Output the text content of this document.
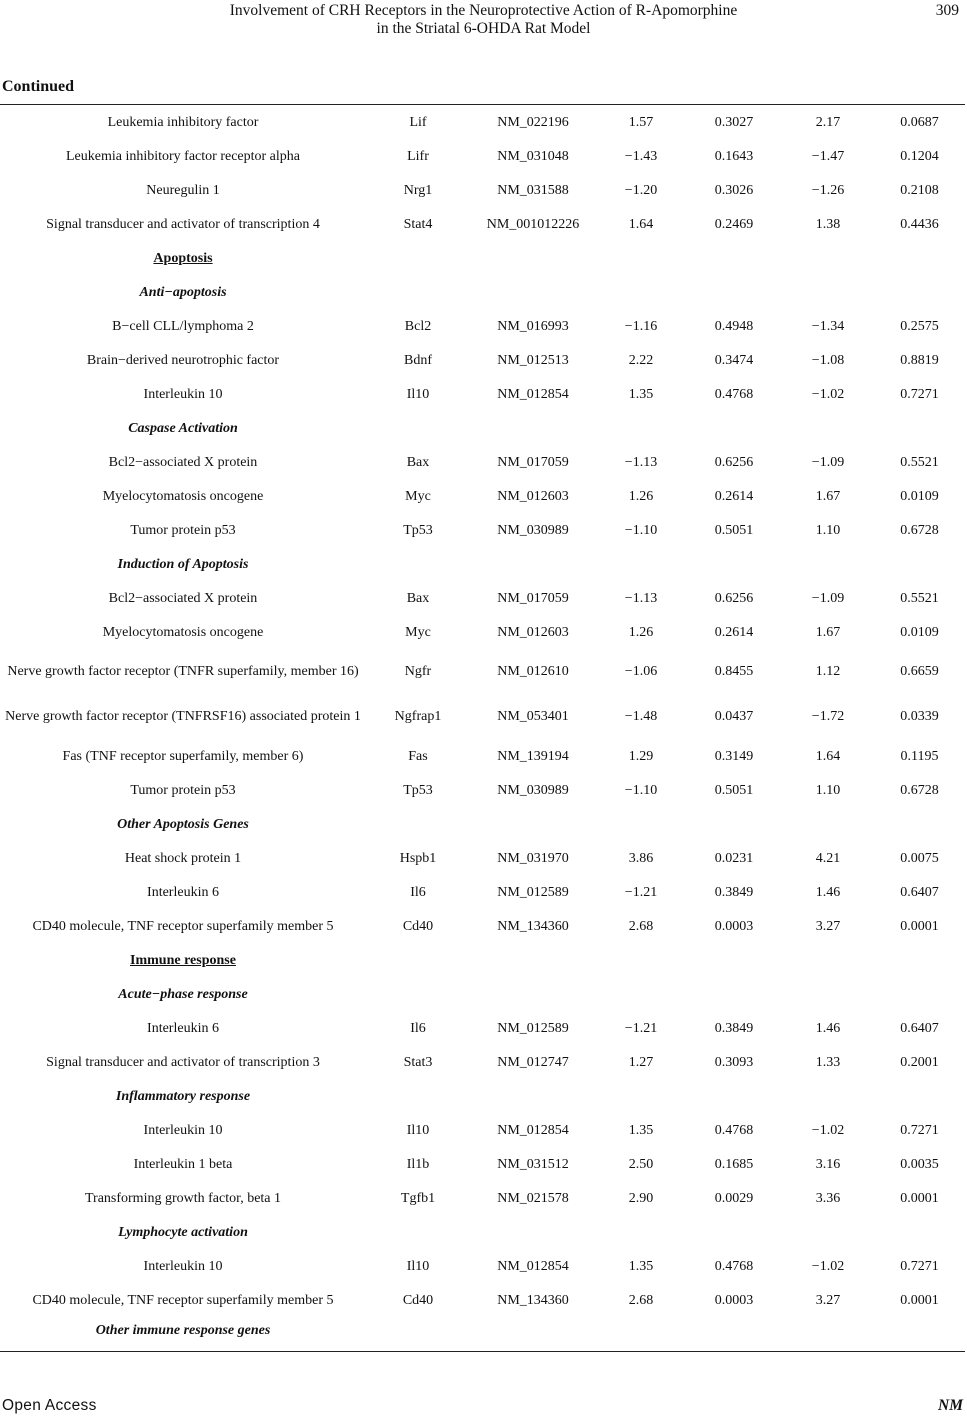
Involvement of CRH Receptors in the Neuroprotective Action of R-Apomorphine
in the Striatal 6-OHDA Rat Model
309
Continued
Leukemia inhibitory factor	Lif	NM_022196	1.57	0.3027	2.17	0.0687
Leukemia inhibitory factor receptor alpha	Lifr	NM_031048	−1.43	0.1643	−1.47	0.1204
Neuregulin 1	Nrg1	NM_031588	−1.20	0.3026	−1.26	0.2108
Signal transducer and activator of transcription 4	Stat4	NM_001012226	1.64	0.2469	1.38	0.4436
Apoptosis						
Anti−apoptosis						
B−cell CLL/lymphoma 2	Bcl2	NM_016993	−1.16	0.4948	−1.34	0.2575
Brain−derived neurotrophic factor	Bdnf	NM_012513	2.22	0.3474	−1.08	0.8819
Interleukin 10	Il10	NM_012854	1.35	0.4768	−1.02	0.7271
Caspase Activation						
Bcl2−associated X protein	Bax	NM_017059	−1.13	0.6256	−1.09	0.5521
Myelocytomatosis oncogene	Myc	NM_012603	1.26	0.2614	1.67	0.0109
Tumor protein p53	Tp53	NM_030989	−1.10	0.5051	1.10	0.6728
Induction of Apoptosis						
Bcl2−associated X protein	Bax	NM_017059	−1.13	0.6256	−1.09	0.5521
Myelocytomatosis oncogene	Myc	NM_012603	1.26	0.2614	1.67	0.0109
Nerve growth factor receptor (TNFR superfamily, member 16)	Ngfr	NM_012610	−1.06	0.8455	1.12	0.6659
Nerve growth factor receptor (TNFRSF16) associated protein 1	Ngfrap1	NM_053401	−1.48	0.0437	−1.72	0.0339
Fas (TNF receptor superfamily, member 6)	Fas	NM_139194	1.29	0.3149	1.64	0.1195
Tumor protein p53	Tp53	NM_030989	−1.10	0.5051	1.10	0.6728
Other Apoptosis Genes						
Heat shock protein 1	Hspb1	NM_031970	3.86	0.0231	4.21	0.0075
Interleukin 6	Il6	NM_012589	−1.21	0.3849	1.46	0.6407
CD40 molecule, TNF receptor superfamily member 5	Cd40	NM_134360	2.68	0.0003	3.27	0.0001
Immune response						
Acute−phase response						
Interleukin 6	Il6	NM_012589	−1.21	0.3849	1.46	0.6407
Signal transducer and activator of transcription 3	Stat3	NM_012747	1.27	0.3093	1.33	0.2001
Inflammatory response						
Interleukin 10	Il10	NM_012854	1.35	0.4768	−1.02	0.7271
Interleukin 1 beta	Il1b	NM_031512	2.50	0.1685	3.16	0.0035
Transforming growth factor, beta 1	Tgfb1	NM_021578	2.90	0.0029	3.36	0.0001
Lymphocyte activation						
Interleukin 10	Il10	NM_012854	1.35	0.4768	−1.02	0.7271
CD40 molecule, TNF receptor superfamily member 5	Cd40	NM_134360	2.68	0.0003	3.27	0.0001
Other immune response genes						
Open Access	NM
